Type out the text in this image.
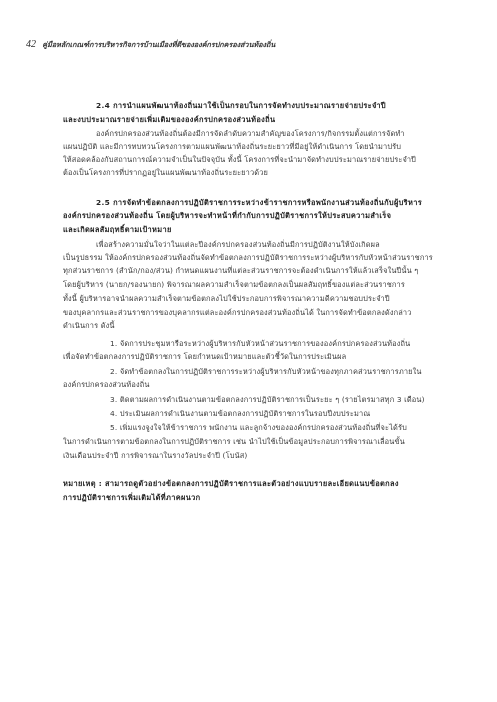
42 คู่มือหลักเกณฑ์การบริหารกิจการบ้านเมืองที่ดีขององค์กรปกครองส่วนท้องถิ่น
2.4 การนำแผนพัฒนาท้องถิ่นมาใช้เป็นกรอบในการจัดทำงบประมาณรายจ่ายประจำปี
และงบประมาณรายจ่ายเพิ่มเติมขององค์กรปกครองส่วนท้องถิ่น
องค์กรปกครองส่วนท้องถิ่นต้องมีการจัดลำดับความสำคัญของโครงการ/กิจกรรมตั้งแต่การจัดทำ
แผนปฏิบัติ และมีการทบทวนโครงการตามแผนพัฒนาท้องถิ่นระยะยาวที่มีอยู่ให้ดำเนินการ โดยนำมาปรับ
ให้สอดคล้องกับสถานการณ์ความจำเป็นในปัจจุบัน ทั้งนี้ โครงการที่จะนำมาจัดทำงบประมาณรายจ่ายประจำปี
ต้องเป็นโครงการที่ปรากฏอยู่ในแผนพัฒนาท้องถิ่นระยะยาวด้วย
2.5 การจัดทำข้อตกลงการปฏิบัติราชการระหว่างข้าราชการหรือพนักงานส่วนท้องถิ่นกับผู้บริหาร
องค์กรปกครองส่วนท้องถิ่น โดยผู้บริหารจะทำหน้าที่กำกับการปฏิบัติราชการให้ประสบความสำเร็จ
และเกิดผลสัมฤทธิ์ตามเป้าหมาย
เพื่อสร้างความมั่นใจว่าในแต่ละปีองค์กรปกครองส่วนท้องถิ่นมีการปฏิบัติงานให้บังเกิดผล
เป็นรูปธรรม ให้องค์กรปกครองส่วนท้องถิ่นจัดทำข้อตกลงการปฏิบัติราชการระหว่างผู้บริหารกับหัวหน้าส่วนราชการ
ทุกส่วนราชการ (สำนัก/กอง/ส่วน) กำหนดแผนงานที่แต่ละส่วนราชการจะต้องดำเนินการให้แล้วเสร็จในปีนั้น ๆ
โดยผู้บริหาร (นายก/รองนายก) พิจารณาผลความสำเร็จตามข้อตกลงเป็นผลสัมฤทธิ์ของแต่ละส่วนราชการ
ทั้งนี้ ผู้บริหารอาจนำผลความสำเร็จตามข้อตกลงไปใช้ประกอบการพิจารณาความดีความชอบประจำปี
ของบุคลากรและส่วนราชการของบุคลากรแต่ละองค์กรปกครองส่วนท้องถิ่นได้ ในการจัดทำข้อตกลงดังกล่าว
ดำเนินการ ดังนี้
1. จัดการประชุมหารือระหว่างผู้บริหารกับหัวหน้าส่วนราชการขององค์กรปกครองส่วนท้องถิ่น
เพื่อจัดทำข้อตกลงการปฏิบัติราชการ โดยกำหนดเป้าหมายและตัวชี้วัดในการประเมินผล
2. จัดทำข้อตกลงในการปฏิบัติราชการระหว่างผู้บริหารกับหัวหน้าของทุกภาคส่วนราชการภายใน
องค์กรปกครองส่วนท้องถิ่น
3. ติดตามผลการดำเนินงานตามข้อตกลงการปฏิบัติราชการเป็นระยะ ๆ (รายไตรมาสทุก 3 เดือน)
4. ประเมินผลการดำเนินงานตามข้อตกลงการปฏิบัติราชการในรอบปีงบประมาณ
5. เพิ่มแรงจูงใจให้ข้าราชการ พนักงาน และลูกจ้างขององค์กรปกครองส่วนท้องถิ่นที่จะได้รับ
ในการดำเนินการตามข้อตกลงในการปฏิบัติราชการ เช่น นำไปใช้เป็นข้อมูลประกอบการพิจารณาเลื่อนขั้น
เงินเดือนประจำปี การพิจารณาในรางวัลประจำปี (โบนัส)
หมายเหตุ : สามารถดูตัวอย่างข้อตกลงการปฏิบัติราชการและตัวอย่างแบบรายละเอียดแนบข้อตกลง
การปฏิบัติราชการเพิ่มเติมได้ที่ภาคผนวก
